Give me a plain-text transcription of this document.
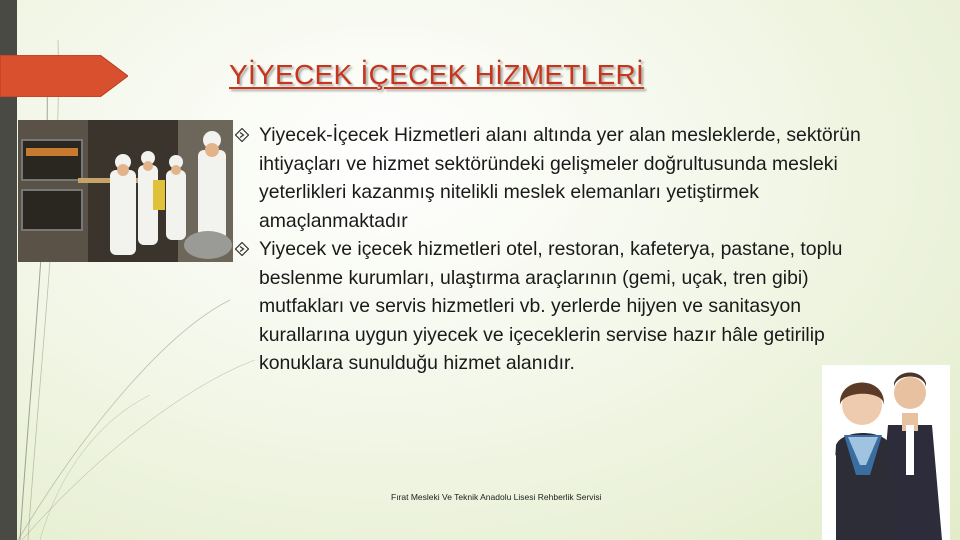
YİYECEK İÇECEK HİZMETLERİ
Yiyecek-İçecek Hizmetleri alanı altında yer alan mesleklerde, sektörün ihtiyaçları ve hizmet sektöründeki gelişmeler doğrultusunda mesleki yeterlikleri kazanmış nitelikli meslek elemanları yetiştirmek amaçlanmaktadır
Yiyecek ve içecek hizmetleri otel, restoran, kafeterya, pastane, toplu beslenme kurumları, ulaştırma araçlarının (gemi, uçak, tren gibi) mutfakları ve servis hizmetleri vb. yerlerde hijyen ve sanitasyon kurallarına uygun yiyecek ve içeceklerin servise hazır hâle getirilip konuklara sunulduğu hizmet alanıdır.
Fırat Mesleki Ve Teknik Anadolu Lisesi Rehberlik Servisi
